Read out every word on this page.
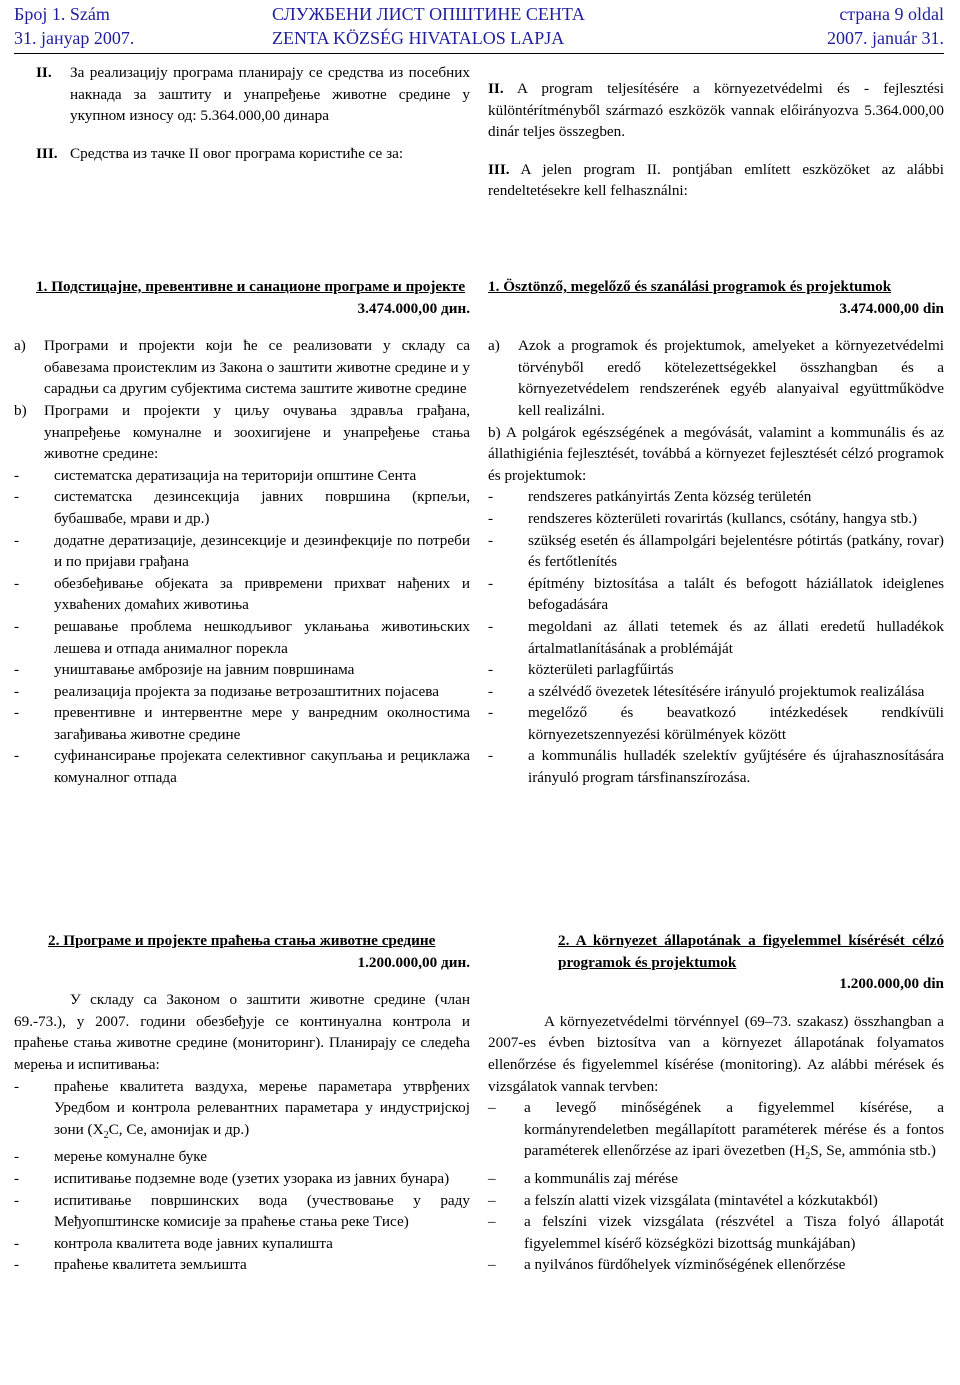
Број 1. Szám	СЛУЖБЕНИ ЛИСТ ОПШТИНЕ СЕНТА	страна 9 oldal
31. јануар 2007.	ZENTA KÖZSÉG HIVATALOS LAPJA	2007. január 31.
II.	За реализацију програма планирају се средства из посебних накнада за заштиту и унапређење животне средине у укупном износу од: 5.364.000,00 динара
III. Средства из тачке II овог програма користиће се за:
II. A program teljesítésére a környezetvédelmi és - fejlesztési különtérítményből származó eszközök vannak előirányozva 5.364.000,00 dinár teljes összegben.
III. A jelen program II. pontjában említett eszközöket az alábbi rendeltetésekre kell felhasználni:
1. Подстицајне, превентивне и санационе програме и пројекте
3.474.000,00 дин.
a)	Програми и пројекти који ће се реализовати у складу са обавезама проистеклим из Закона о заштити животне средине и у сарадњи са другим субјектима система заштите животне средине
b)	Програми и пројекти у циљу очувања здравља грађана, унапређење комуналне и зоохигијене и унапређење стања животне средине:
-	систематска дератизација на територији општине Сента
-	систематска дезинсекција јавних површина (крпељи, бубашвабе, мрави и др.)
-	додатне дератизације, дезинсекције и дезинфекције по потреби и по пријави грађана
-	обезбеђивање објеката за привремени прихват нађених и ухваћених домаћих животиња
-	решавање проблема нешкодљивог уклањања животињских лешева и отпада анималног порекла
-	уништавање амброзије на јавним површинама
-	реализација пројекта за подизање ветрозаштитних појасева
-	превентивне и интервентне мере у ванредним околностима загађивања животне средине
-	суфинансирање пројеката селективног сакупљања и рециклажа комуналног отпада
1. Ösztönző, megelőző és szanálási programok és projektumok
3.474.000,00 din
a)	Azok a programok és projektumok, amelyeket a környezetvédelmi törvényből eredő kötelezettségekkel összhangban és a környezetvédelem rendszerének egyéb alanyaival együttműködve kell realizálni.
b) A polgárok egészségének a megóvását, valamint a kommunális és az állathigiénia fejlesztését, továbbá a környezet fejlesztését célzó programok és projektumok:
-	rendszeres patkányirtás Zenta község területén
-	rendszeres közterületi rovarirtás (kullancs, csótány, hangya stb.)
-	szükség esetén és állampolgári bejelentésre pótirtás (patkány, rovar) és fertőtlenítés
-	építmény biztosítása a talált és befogott háziállatok ideiglenes befogadására
-	megoldani az állati tetemek és az állati eredetű hulladékok ártalmatlanításának a problémáját
-	közterületi parlagfűirtás
-	a szélvédő övezetek létesítésére irányuló projektumok realizálása
-	megelőző és beavatkozó intézkedések rendkívüli környezetszennyezési körülmények között
-	a kommunális hulladék szelektív gyűjtésére és újrahasznosítására irányuló program társfinanszírozása.
2. Програме и пројекте праћења стања животне средине
1.200.000,00 дин.
У складу са Законом о заштити животне средине (члан 69.-73.), у 2007. години обезбеђује се континуална контрола и праћење стања животне средине (мониторинг). Планирају се следећа мерења и испитивања:
-	праћење квалитета ваздуха, мерење параметара утврђених Уредбом и контрола релевантних параметара у индустријској зони ($X_2C$, Ce, амонијак и др.)
-	мерење комуналне буке
-	испитивање подземне воде (узетих узорака из јавних бунара)
-	испитивање површинских вода (учествовање у раду Међуопштинске комисије за праћење стања реке Тисе)
-	контрола квалитета воде јавних купалишта
-	праћење квалитета земљишта
2. A környezet állapotának a figyelemmel kísérését célzó programok és projektumok
1.200.000,00 din
A környezetvédelmi törvénnyel (69–73. szakasz) összhangban a 2007-es évben biztosítva van a környezet állapotának folyamatos ellenőrzése és figyelemmel kísérése (monitoring). Az alábbi mérések és vizsgálatok vannak tervben:
–	a levegő minőségének a figyelemmel kísérése, a kormányrendeletben megállapított paraméterek mérése és a fontos paraméterek ellenőrzése az ipari övezetben ($H_2S$, Se, ammónia stb.)
–	a kommunális zaj mérése
–	a felszín alatti vizek vizsgálata (mintavétel a kózkutakból)
–	a felszíni vizek vizsgálata (részvétel a Tisza folyó állapotát figyelemmel kísérő községközi bizottság munkájában)
–	a nyilvános fürdőhelyek vízminőségének ellenőrzése
